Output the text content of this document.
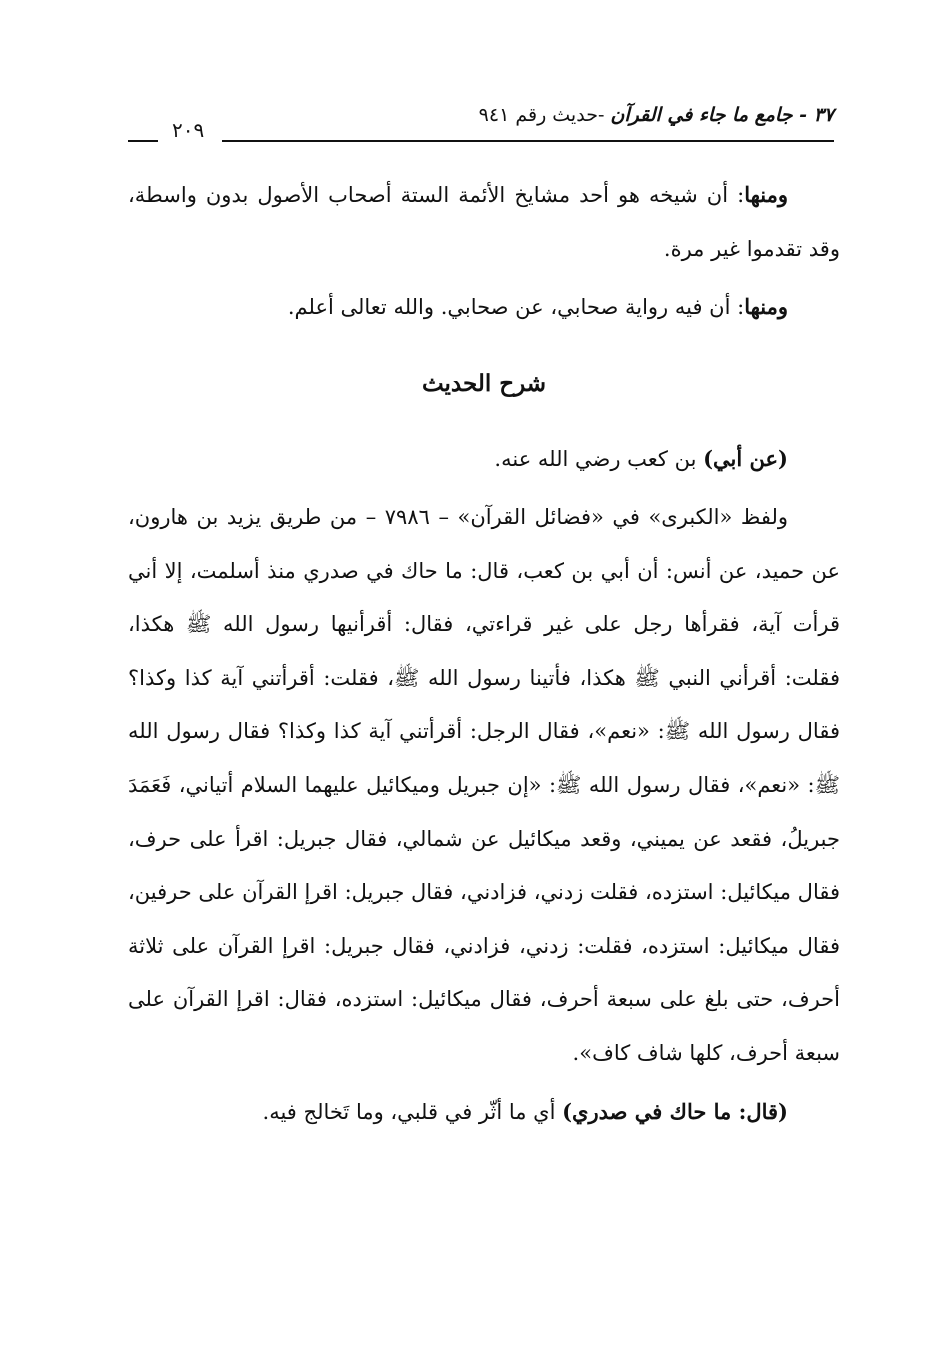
٣٧ - جامع ما جاء في القرآن -حديث رقم ٩٤١
٢٠٩

ومنها: أن شيخه هو أحد مشايخ الأئمة الستة أصحاب الأصول بدون واسطة، وقد تقدموا غير مرة.

ومنها: أن فيه رواية صحابي، عن صحابي. والله تعالى أعلم.

شرح الحديث

(عن أبي) بن كعب رضي الله عنه.

ولفظ «الكبرى» في «فضائل القرآن» – ٧٩٨٦ – من طريق يزيد بن هارون، عن حميد، عن أنس: أن أبي بن كعب، قال: ما حاك في صدري منذ أسلمت، إلا أني قرأت آية، فقرأها رجل على غير قراءتي، فقال: أقرأنيها رسول الله ﷺ هكذا، فقلت: أقرأني النبي ﷺ هكذا، فأتينا رسول الله ﷺ، فقلت: أقرأتني آية كذا وكذا؟ فقال رسول الله ﷺ: «نعم»، فقال الرجل: أقرأتني آية كذا وكذا؟ فقال رسول الله ﷺ: «نعم»، فقال رسول الله ﷺ: «إن جبريل وميكائيل عليهما السلام أتياني، فَعَمَدَ جبريلُ، فقعد عن يميني، وقعد ميكائيل عن شمالي، فقال جبريل: اقرأ على حرف، فقال ميكائيل: استزده، فقلت زدني، فزادني، فقال جبريل: اقرإ القرآن على حرفين، فقال ميكائيل: استزده، فقلت: زدني، فزادني، فقال جبريل: اقرإ القرآن على ثلاثة أحرف، حتى بلغ على سبعة أحرف، فقال ميكائيل: استزده، فقال: اقرإ القرآن على سبعة أحرف، كلها شاف كاف».

(قال: ما حاك في صدري) أي ما أثّر في قلبي، وما تَخالج فيه.
